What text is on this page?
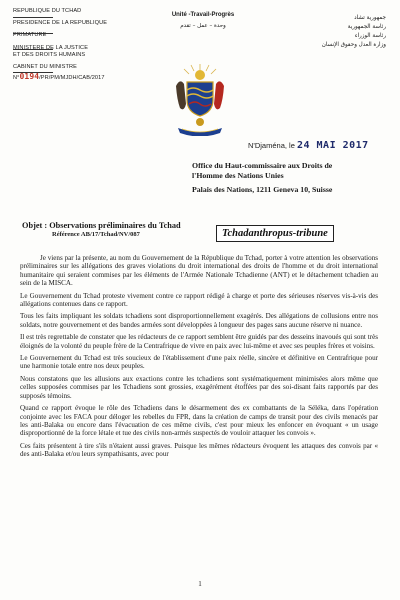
REPUBLIQUE DU TCHAD
PRESIDENCE DE LA REPUBLIQUE
PRIMATURE
MINISTERE DE LA JUSTICE
ET DES DROITS HUMAINS
CABINET DU MINISTRE
N°0194/PR/PM/MJDH/CAB/2017
Unité -Travail-Progrès
وحدة – عمل – تقدم
جمهورية تشاد
رئاسة الجمهورية
رئاسة الوزراء
وزارة العدل وحقوق الإنسان
N'Djaména, le 24 MAI 2017
Office du Haut-commissaire aux Droits de
l'Homme des Nations Unies
Palais des Nations, 1211 Geneva 10, Suisse
Objet : Observations préliminaires du Tchad
Référence AB/17/Tchad/NV/087	Tchadanthropus-tribune

Je viens par la présente, au nom du Gouvernement de la République du Tchad, porter à votre attention les observations préliminaires sur les allégations des graves violations du droit international des droits de l'homme et du droit international humanitaire qui seraient commises par les éléments de l'Armée Nationale Tchadienne (ANT) et le détachement tchadien au sein de la MISCA.

Le Gouvernement du Tchad proteste vivement contre ce rapport rédigé à charge et porte des sérieuses réserves vis-à-vis des allégations contenues dans ce rapport.

Tous les faits impliquant les soldats tchadiens sont disproportionnellement exagérés. Des allégations de collusions entre nos soldats, notre gouvernement et des bandes armées sont développées à longueur des pages sans aucune réserve ni nuance.

Il est très regrettable de constater que les rédacteurs de ce rapport semblent être guidés par des desseins inavoués qui sont très éloignés de la volonté du peuple frère de la Centrafrique de vivre en paix avec lui-même et avec ses peuples frères et voisins.

Le Gouvernement du Tchad est très soucieux de l'établissement d'une paix réelle, sincère et définitive en Centrafrique pour une harmonie totale entre nos deux peuples.

Nous constatons que les allusions aux exactions contre les tchadiens sont systématiquement minimisées alors même que celles supposées commises par les Tchadiens sont grossies, exagérément étoffées par des soi-disant faits rapportés par des supposés témoins.

Quand ce rapport évoque le rôle des Tchadiens dans le désarmement des ex combattants de la Séléka, dans l'opération conjointe avec les FACA pour déloger les rebelles du FPR, dans la création de camps de transit pour des civils menacés par les anti-Balaka ou encore dans l'évacuation de ces même civils, c'est pour mieux les enfoncer en évoquant « un usage disproportionné de la force létale et tue des civils non-armés suspectés de vouloir attaquer les convois ».

Ces faits présentent à tire s'ils n'étaient aussi graves. Puisque les mêmes rédacteurs évoquent les attaques des convois par « des anti-Balaka et/ou leurs sympathisants, avec pour

1
